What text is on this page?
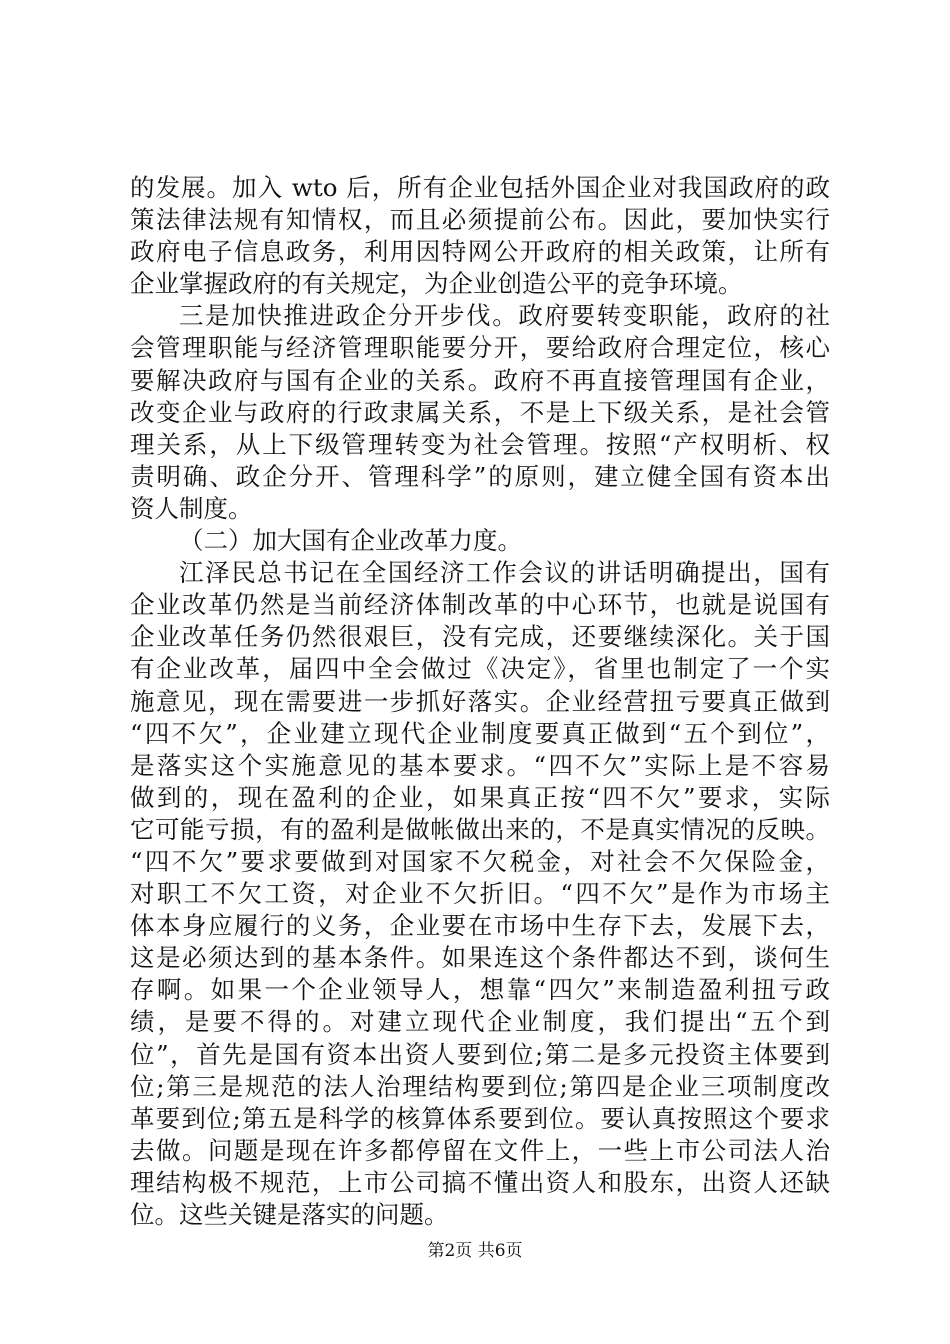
的发展。加入 wto 后，所有企业包括外国企业对我国政府的政
策法律法规有知情权，而且必须提前公布。因此，要加快实行
政府电子信息政务，利用因特网公开政府的相关政策，让所有
企业掌握政府的有关规定，为企业创造公平的竞争环境。
三是加快推进政企分开步伐。政府要转变职能，政府的社
会管理职能与经济管理职能要分开，要给政府合理定位，核心
要解决政府与国有企业的关系。政府不再直接管理国有企业，
改变企业与政府的行政隶属关系，不是上下级关系，是社会管
理关系，从上下级管理转变为社会管理。按照“产权明析、权
责明确、政企分开、管理科学”的原则，建立健全国有资本出
资人制度。
（二）加大国有企业改革力度。
江泽民总书记在全国经济工作会议的讲话明确提出，国有
企业改革仍然是当前经济体制改革的中心环节，也就是说国有
企业改革任务仍然很艰巨，没有完成，还要继续深化。关于国
有企业改革，届四中全会做过《决定》，省里也制定了一个实
施意见，现在需要进一步抓好落实。企业经营扭亏要真正做到
“四不欠”，企业建立现代企业制度要真正做到“五个到位”，
是落实这个实施意见的基本要求。“四不欠”实际上是不容易
做到的，现在盈利的企业，如果真正按“四不欠”要求，实际
它可能亏损，有的盈利是做帐做出来的，不是真实情况的反映。
“四不欠”要求要做到对国家不欠税金，对社会不欠保险金，
对职工不欠工资，对企业不欠折旧。“四不欠”是作为市场主
体本身应履行的义务，企业要在市场中生存下去，发展下去，
这是必须达到的基本条件。如果连这个条件都达不到，谈何生
存啊。如果一个企业领导人，想靠“四欠”来制造盈利扭亏政
绩，是要不得的。对建立现代企业制度，我们提出“五个到
位”，首先是国有资本出资人要到位;第二是多元投资主体要到
位;第三是规范的法人治理结构要到位;第四是企业三项制度改
革要到位;第五是科学的核算体系要到位。要认真按照这个要求
去做。问题是现在许多都停留在文件上，一些上市公司法人治
理结构极不规范，上市公司搞不懂出资人和股东，出资人还缺
位。这些关键是落实的问题。
第2页 共6页
